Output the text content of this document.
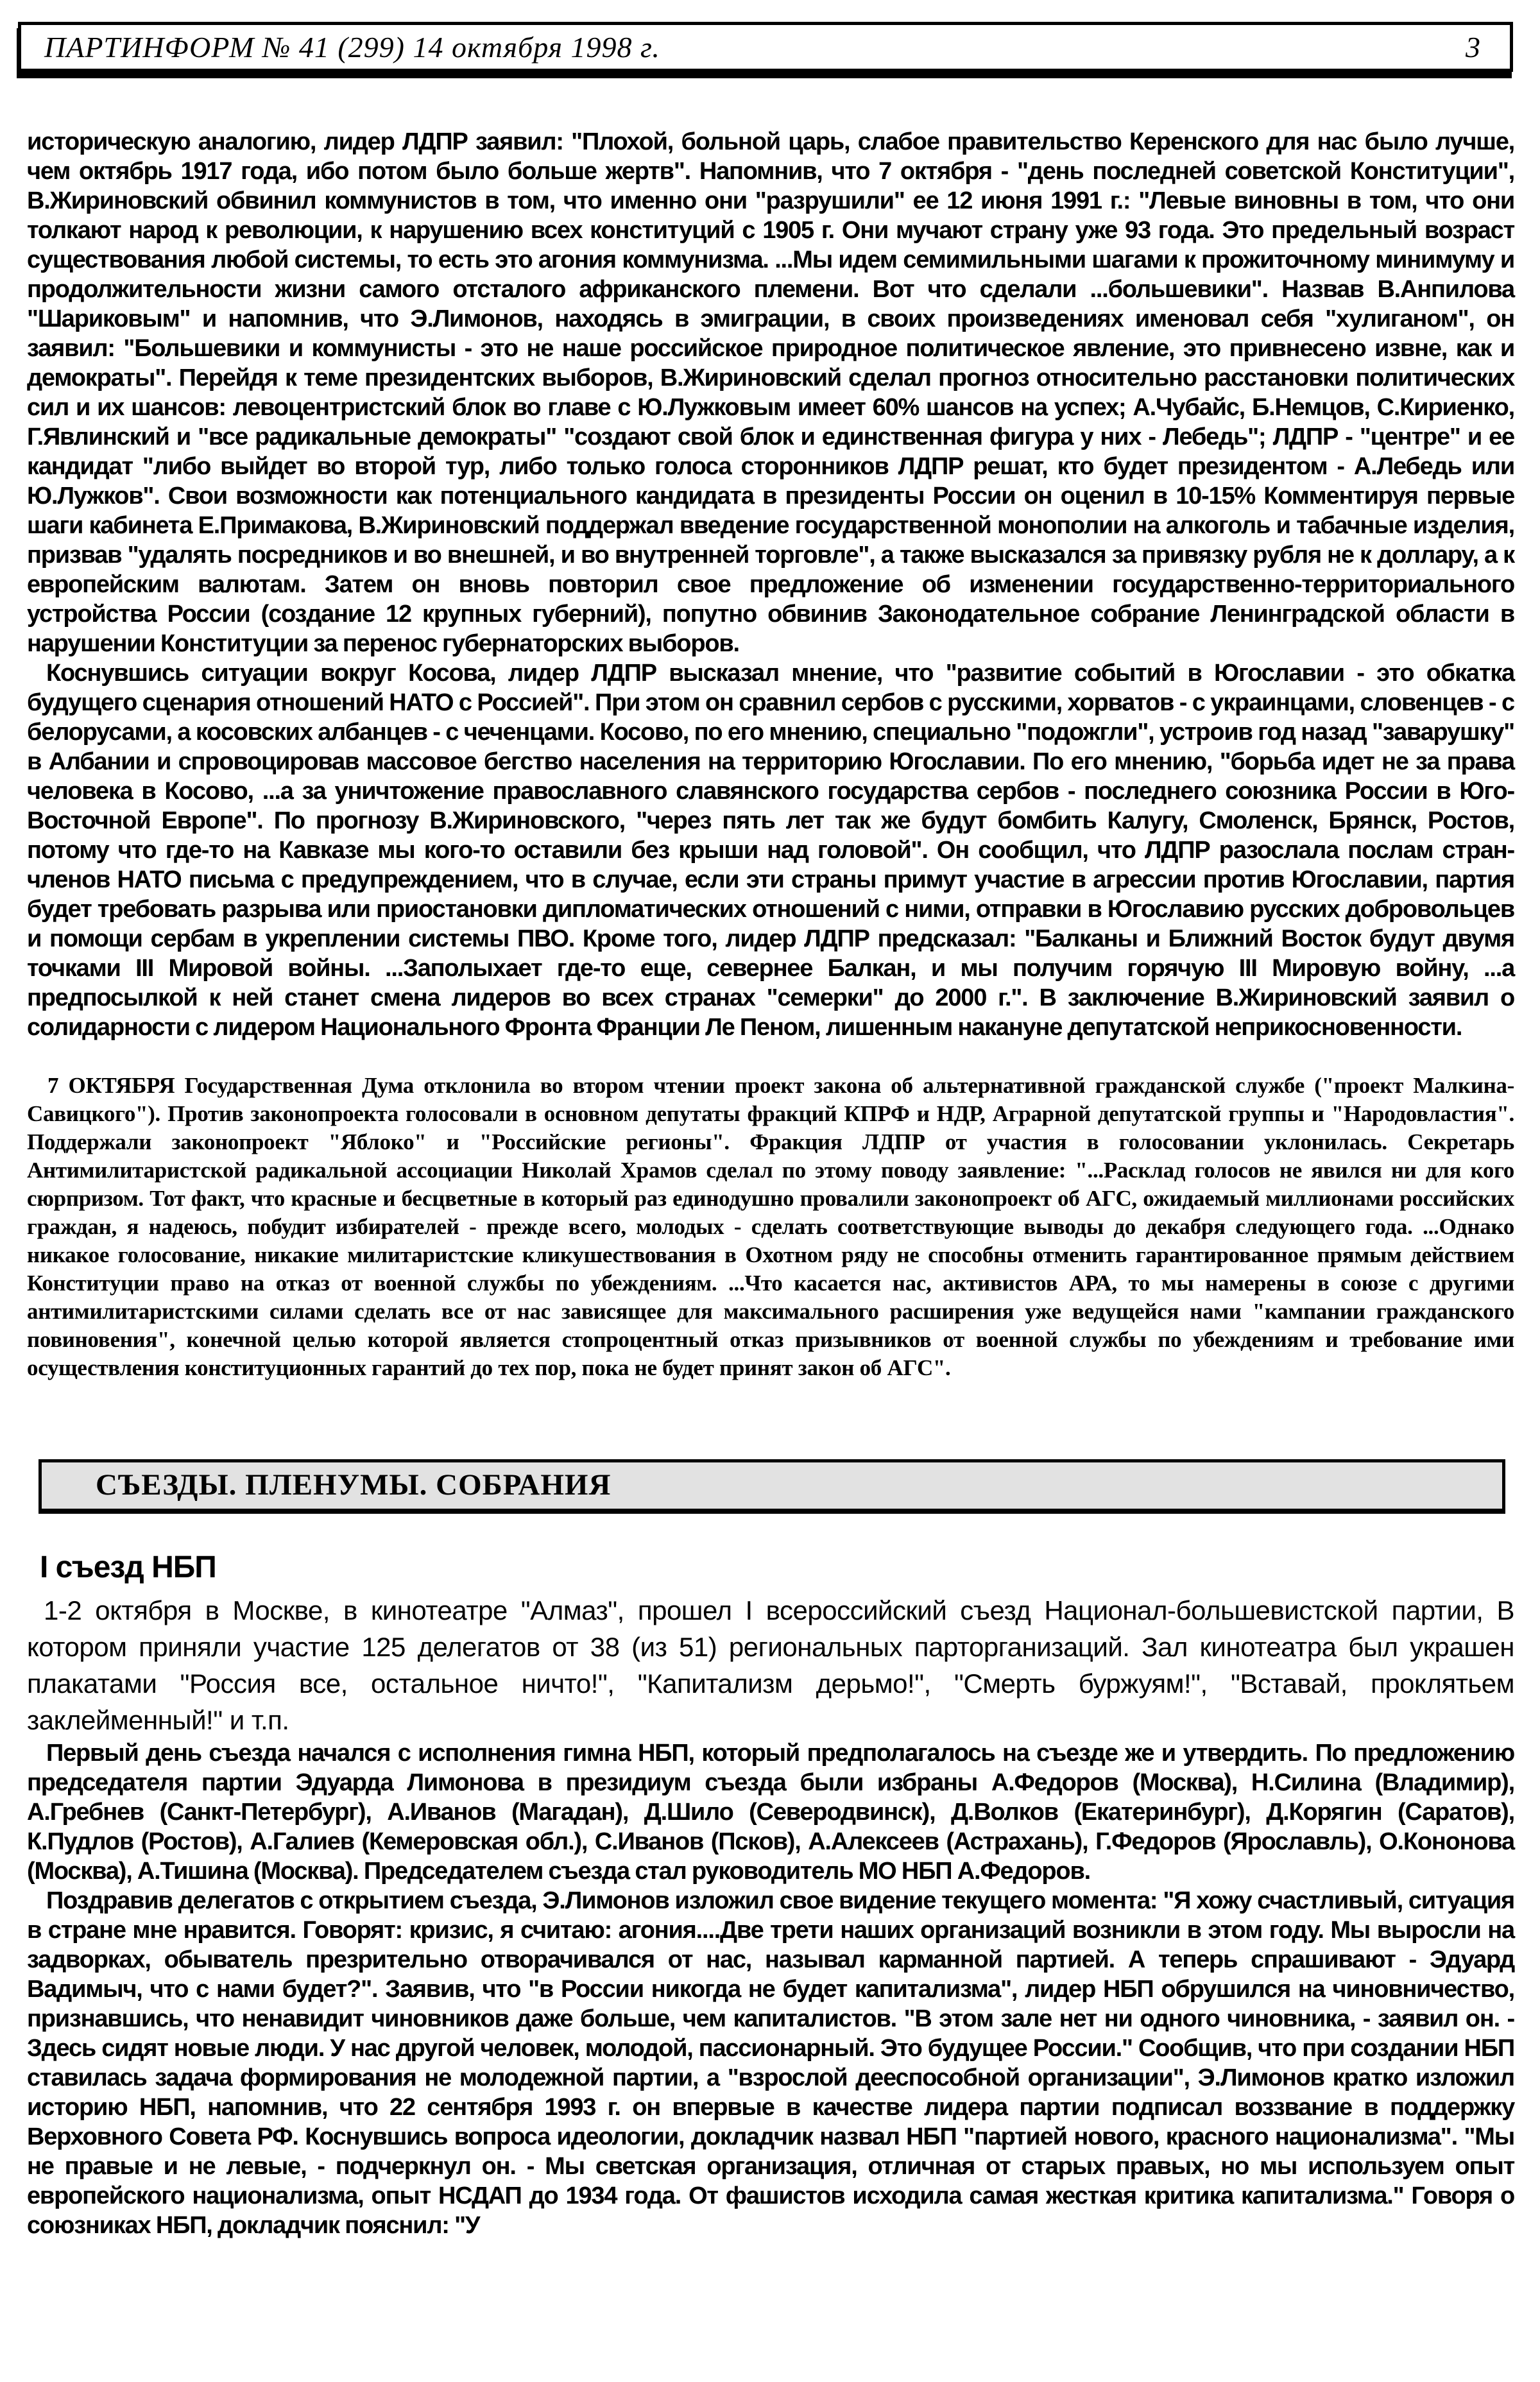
ПАРТИНФОРМ № 41 (299) 14 октября 1998 г.	3

историческую аналогию, лидер ЛДПР заявил: "Плохой, больной царь, слабое правительство Керенского для нас было лучше, чем октябрь 1917 года, ибо потом было больше жертв". Напомнив, что 7 октября - "день последней советской Конституции", В.Жириновский обвинил коммунистов в том, что именно они "разрушили" ее 12 июня 1991 г.: "Левые виновны в том, что они толкают народ к революции, к нарушению всех конституций с 1905 г. Они мучают страну уже 93 года. Это предельный возраст существования любой системы, то есть это агония коммунизма. ...Мы идем семимильными шагами к прожиточному минимуму и продолжительности жизни самого отсталого африканского племени. Вот что сделали ...большевики". Назвав В.Анпилова "Шариковым" и напомнив, что Э.Лимонов, находясь в эмиграции, в своих произведениях именовал себя "хулиганом", он заявил: "Большевики и коммунисты - это не наше российское природное политическое явление, это привнесено извне, как и демократы". Перейдя к теме президентских выборов, В.Жириновский сделал прогноз относительно расстановки политических сил и их шансов: левоцентристский блок во главе с Ю.Лужковым имеет 60% шансов на успех; А.Чубайс, Б.Немцов, С.Кириенко, Г.Явлинский и "все радикальные демократы" "создают свой блок и единственная фигура у них - Лебедь"; ЛДПР - "центре" и ее кандидат "либо выйдет во второй тур, либо только голоса сторонников ЛДПР решат, кто будет президентом - А.Лебедь или Ю.Лужков". Свои возможности как потенциального кандидата в президенты России он оценил в 10-15% Комментируя первые шаги кабинета Е.Примакова, В.Жириновский поддержал введение государственной монополии на алкоголь и табачные изделия, призвав "удалять посредников и во внешней, и во внутренней торговле", а также высказался за привязку рубля не к доллару, а к европейским валютам. Затем он вновь повторил свое предложение об изменении государственно-территориального устройства России (создание 12 крупных губерний), попутно обвинив Законодательное собрание Ленинградской области в нарушении Конституции за перенос губернаторских выборов.

Коснувшись ситуации вокруг Косова, лидер ЛДПР высказал мнение, что "развитие событий в Югославии - это обкатка будущего сценария отношений НАТО с Россией". При этом он сравнил сербов с русскими, хорватов - с украинцами, словенцев - с белорусами, а косовских албанцев - с чеченцами. Косово, по его мнению, специально "подожгли", устроив год назад "заварушку" в Албании и спровоцировав массовое бегство населения на территорию Югославии. По его мнению, "борьба идет не за права человека в Косово, ...а за уничтожение православного славянского государства сербов - последнего союзника России в Юго-Восточной Европе". По прогнозу В.Жириновского, "через пять лет так же будут бомбить Калугу, Смоленск, Брянск, Ростов, потому что где-то на Кавказе мы кого-то оставили без крыши над головой". Он сообщил, что ЛДПР разослала послам стран-членов НАТО письма с предупреждением, что в случае, если эти страны примут участие в агрессии против Югославии, партия будет требовать разрыва или приостановки дипломатических отношений с ними, отправки в Югославию русских добровольцев и помощи сербам в укреплении системы ПВО. Кроме того, лидер ЛДПР предсказал: "Балканы и Ближний Восток будут двумя точками III Мировой войны. ...Заполыхает где-то еще, севернее Балкан, и мы получим горячую III Мировую войну, ...а предпосылкой к ней станет смена лидеров во всех странах "семерки" до 2000 г.". В заключение В.Жириновский заявил о солидарности с лидером Национального Фронта Франции Ле Пеном, лишенным накануне депутатской неприкосновенности.

7 ОКТЯБРЯ Государственная Дума отклонила во втором чтении проект закона об альтернативной гражданской службе ("проект Малкина-Савицкого"). Против законопроекта голосовали в основном депутаты фракций КПРФ и НДР, Аграрной депутатской группы и "Народовластия". Поддержали законопроект "Яблоко" и "Российские регионы". Фракция ЛДПР от участия в голосовании уклонилась. Секретарь Антимилитаристской радикальной ассоциации Николай Храмов сделал по этому поводу заявление: "...Расклад голосов не явился ни для кого сюрпризом. Тот факт, что красные и бесцветные в который раз единодушно провалили законопроект об АГС, ожидаемый миллионами российских граждан, я надеюсь, побудит избирателей - прежде всего, молодых - сделать соответствующие выводы до декабря следующего года. ...Однако никакое голосование, никакие милитаристские кликушествования в Охотном ряду не способны отменить гарантированное прямым действием Конституции право на отказ от военной службы по убеждениям. ...Что касается нас, активистов АРА, то мы намерены в союзе с другими антимилитаристскими силами сделать все от нас зависящее для максимального расширения уже ведущейся нами "кампании гражданского повиновения", конечной целью которой является стопроцентный отказ призывников от военной службы по убеждениям и требование ими осуществления конституционных гарантий до тех пор, пока не будет принят закон об АГС".

СЪЕЗДЫ. ПЛЕНУМЫ. СОБРАНИЯ
I съезд НБП

1-2 октября в Москве, в кинотеатре "Алмаз", прошел I всероссийский съезд Национал-большевистской партии, В котором приняли участие 125 делегатов от 38 (из 51) региональных парторганизаций. Зал кинотеатра был украшен плакатами "Россия все, остальное ничто!", "Капитализм дерьмо!", "Смерть буржуям!", "Вставай, проклятьем заклейменный!" и т.п.

Первый день съезда начался с исполнения гимна НБП, который предполагалось на съезде же и утвердить. По предложению председателя партии Эдуарда Лимонова в президиум съезда были избраны А.Федоров (Москва), Н.Силина (Владимир), А.Гребнев (Санкт-Петербург), А.Иванов (Магадан), Д.Шило (Северодвинск), Д.Волков (Екатеринбург), Д.Корягин (Саратов), К.Пудлов (Ростов), А.Галиев (Кемеровская обл.), С.Иванов (Псков), А.Алексеев (Астрахань), Г.Федоров (Ярославль), О.Кононова (Москва), А.Тишина (Москва). Председателем съезда стал руководитель МО НБП А.Федоров.

Поздравив делегатов с открытием съезда, Э.Лимонов изложил свое видение текущего момента: "Я хожу счастливый, ситуация в стране мне нравится. Говорят: кризис, я считаю: агония....Две трети наших организаций возникли в этом году. Мы выросли на задворках, обыватель презрительно отворачивался от нас, называл карманной партией. А теперь спрашивают - Эдуард Вадимыч, что с нами будет?". Заявив, что "в России никогда не будет капитализма", лидер НБП обрушился на чиновничество, признавшись, что ненавидит чиновников даже больше, чем капиталистов. "В этом зале нет ни одного чиновника, - заявил он. - Здесь сидят новые люди. У нас другой человек, молодой, пассионарный. Это будущее России." Сообщив, что при создании НБП ставилась задача формирования не молодежной партии, а "взрослой дееспособной организации", Э.Лимонов кратко изложил историю НБП, напомнив, что 22 сентября 1993 г. он впервые в качестве лидера партии подписал воззвание в поддержку Верховного Совета РФ. Коснувшись вопроса идеологии, докладчик назвал НБП "партией нового, красного национализма". "Мы не правые и не левые, - подчеркнул он. - Мы светская организация, отличная от старых правых, но мы используем опыт европейского национализма, опыт НСДАП до 1934 года. От фашистов исходила самая жесткая критика капитализма." Говоря о союзниках НБП, докладчик пояснил: "У
